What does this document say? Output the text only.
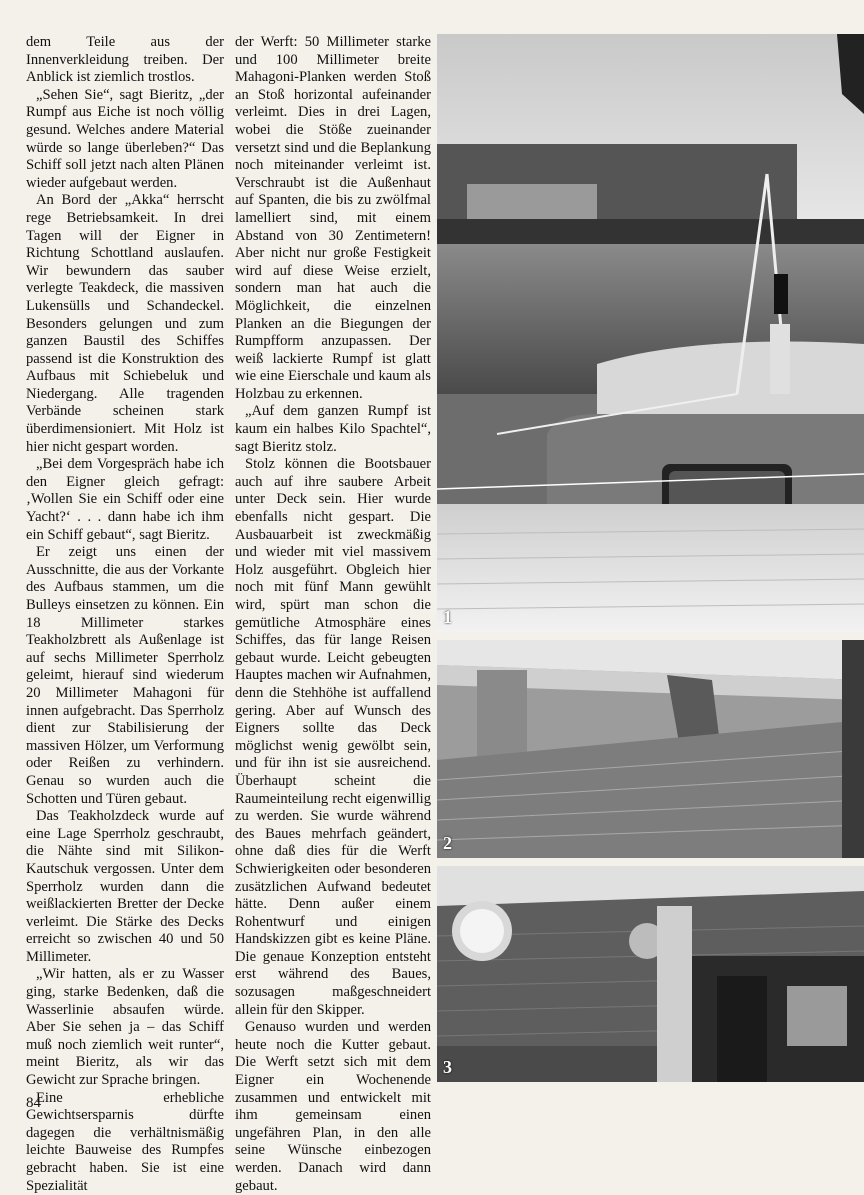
dem Teile aus der Innenverkleidung treiben. Der Anblick ist ziemlich trostlos.

„Sehen Sie“, sagt Bieritz, „der Rumpf aus Eiche ist noch völlig gesund. Welches andere Material würde so lange überleben?“ Das Schiff soll jetzt nach alten Plänen wieder aufgebaut werden.

An Bord der „Akka“ herrscht rege Betriebsamkeit. In drei Tagen will der Eigner in Richtung Schottland auslaufen. Wir bewundern das sauber verlegte Teakdeck, die massiven Lukensülls und Schandeckel. Besonders gelungen und zum ganzen Baustil des Schiffes passend ist die Konstruktion des Aufbaus mit Schiebeluk und Niedergang. Alle tragenden Verbände scheinen stark überdimensioniert. Mit Holz ist hier nicht gespart worden.

„Bei dem Vorgespräch habe ich den Eigner gleich gefragt: ‚Wollen Sie ein Schiff oder eine Yacht?‘ . . . dann habe ich ihm ein Schiff gebaut“, sagt Bieritz.

Er zeigt uns einen der Ausschnitte, die aus der Vorkante des Aufbaus stammen, um die Bulleys einsetzen zu können. Ein 18 Millimeter starkes Teakholzbrett als Außenlage ist auf sechs Millimeter Sperrholz geleimt, hierauf sind wiederum 20 Millimeter Mahagoni für innen aufgebracht. Das Sperrholz dient zur Stabilisierung der massiven Hölzer, um Verformung oder Reißen zu verhindern. Genau so wurden auch die Schotten und Türen gebaut.

Das Teakholzdeck wurde auf eine Lage Sperrholz geschraubt, die Nähte sind mit Silikon-Kautschuk vergossen. Unter dem Sperrholz wurden dann die weißlackierten Bretter der Decke verleimt. Die Stärke des Decks erreicht so zwischen 40 und 50 Millimeter.

„Wir hatten, als er zu Wasser ging, starke Bedenken, daß die Wasserlinie absaufen würde. Aber Sie sehen ja – das Schiff muß noch ziemlich weit runter“, meint Bieritz, als wir das Gewicht zur Sprache bringen.

Eine erhebliche Gewichtsersparnis dürfte dagegen die verhältnismäßig leichte Bauweise des Rumpfes gebracht haben. Sie ist eine Spezialität

der Werft: 50 Millimeter starke und 100 Millimeter breite Mahagoni-Planken werden Stoß an Stoß horizontal aufeinander verleimt. Dies in drei Lagen, wobei die Stöße zueinander versetzt sind und die Beplankung noch miteinander verleimt ist. Verschraubt ist die Außenhaut auf Spanten, die bis zu zwölfmal lamelliert sind, mit einem Abstand von 30 Zentimetern! Aber nicht nur große Festigkeit wird auf diese Weise erzielt, sondern man hat auch die Möglichkeit, die einzelnen Planken an die Biegungen der Rumpfform anzupassen. Der weiß lackierte Rumpf ist glatt wie eine Eierschale und kaum als Holzbau zu erkennen.

„Auf dem ganzen Rumpf ist kaum ein halbes Kilo Spachtel“, sagt Bieritz stolz.

Stolz können die Bootsbauer auch auf ihre saubere Arbeit unter Deck sein. Hier wurde ebenfalls nicht gespart. Die Ausbauarbeit ist zweckmäßig und wieder mit viel massivem Holz ausgeführt. Obgleich hier noch mit fünf Mann gewühlt wird, spürt man schon die gemütliche Atmosphäre eines Schiffes, das für lange Reisen gebaut wurde. Leicht gebeugten Hauptes machen wir Aufnahmen, denn die Stehhöhe ist auffallend gering. Aber auf Wunsch des Eigners sollte das Deck möglichst wenig gewölbt sein, und für ihn ist sie ausreichend. Überhaupt scheint die Raumeinteilung recht eigenwillig zu werden. Sie wurde während des Baues mehrfach geändert, ohne daß dies für die Werft Schwierigkeiten oder besonderen zusätzlichen Aufwand bedeutet hätte. Denn außer einem Rohentwurf und einigen Handskizzen gibt es keine Pläne. Die genaue Konzeption entsteht erst während des Baues, sozusagen maßgeschneidert allein für den Skipper.

Genauso wurden und werden heute noch die Kutter gebaut. Die Werft setzt sich mit dem Eigner ein Wochenende zusammen und entwickelt mit ihm gemeinsam einen ungefähren Plan, in den alle seine Wünsche einbezogen werden. Danach wird dann gebaut.

1
2
3
84
